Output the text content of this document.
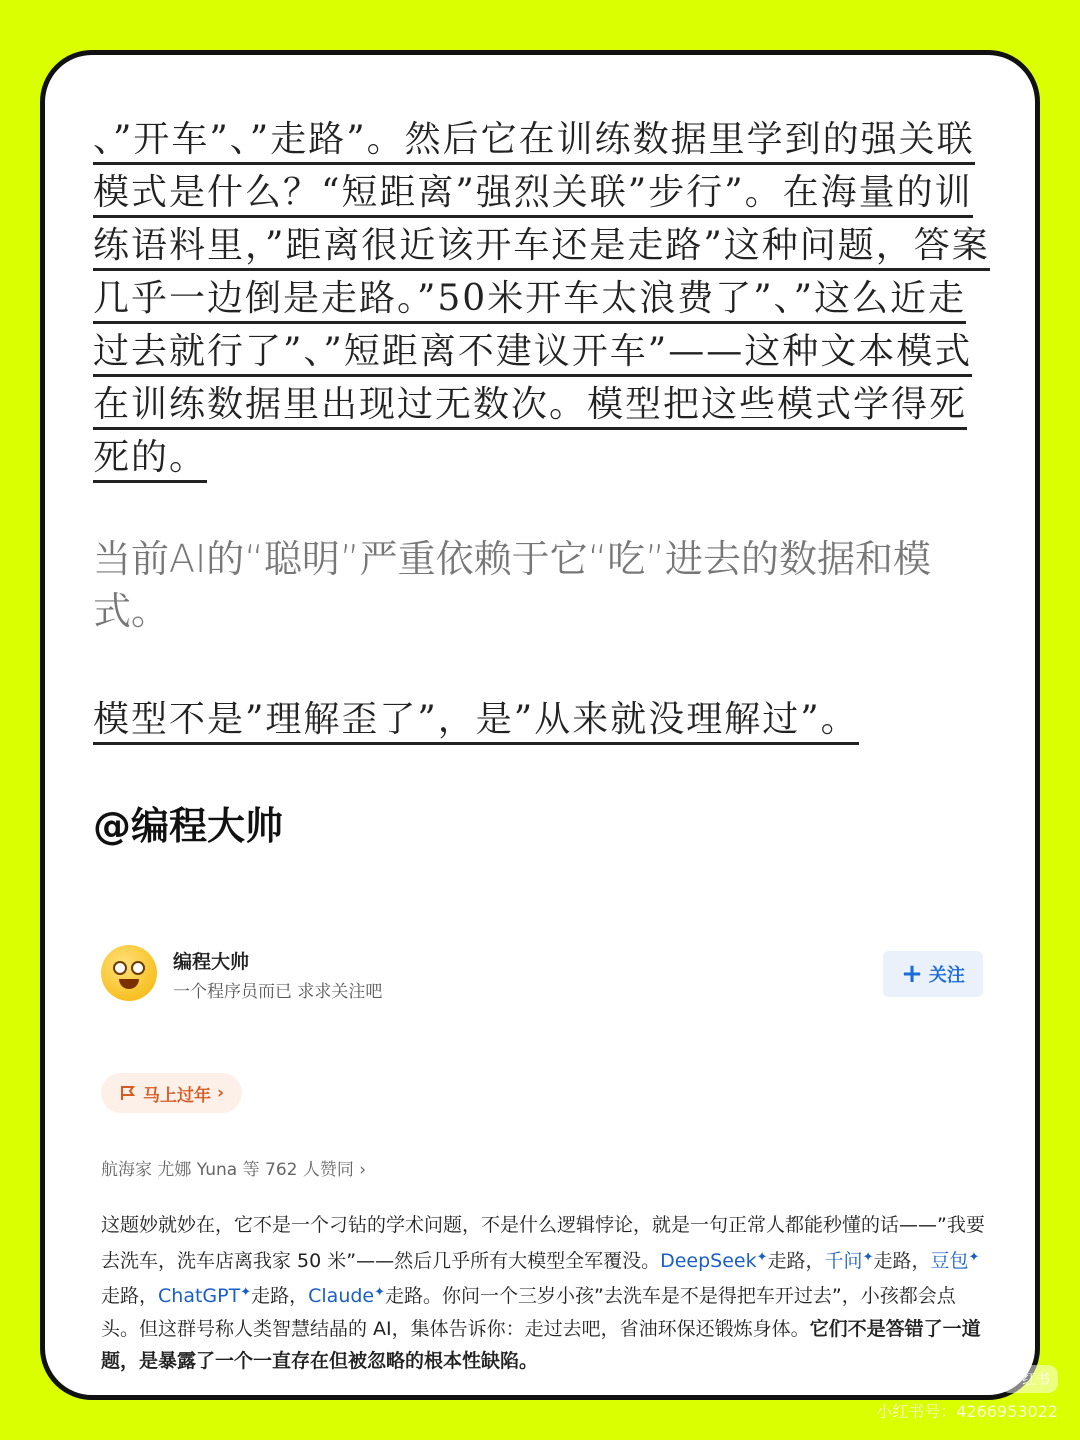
、”开车”、”走路”。然后它在训练数据里学到的强关联模式是什么？“短距离”强烈关联”步行”。在海量的训练语料里，”距离很近该开车还是走路”这种问题，答案几乎一边倒是走路。”50米开车太浪费了”、”这么近走过去就行了”、”短距离不建议开车”——这种文本模式在训练数据里出现过无数次。模型把这些模式学得死死的。

当前AI的“聪明”严重依赖于它“吃”进去的数据和模式。

模型不是”理解歪了”，是”从来就没理解过”。

@编程大帅
编程大帅
一个程序员而已 求求关注吧
+ 关注
马上过年 ›
航海家 尤娜 Yuna 等 762 人赞同 ›
这题妙就妙在，它不是一个刁钻的学术问题，不是什么逻辑悖论，就是一句正常人都能秒懂的话——”我要去洗车，洗车店离我家 50 米”——然后几乎所有大模型全军覆没。DeepSeek✦走路，千问✦走路，豆包✦走路，ChatGPT✦走路，Claude✦走路。你问一个三岁小孩”去洗车是不是得把车开过去”，小孩都会点头。但这群号称人类智慧结晶的 AI，集体告诉你：走过去吧，省油环保还锻炼身体。它们不是答错了一道题，是暴露了一个一直存在但被忽略的根本性缺陷。
小红书
小红书号：4266953022
